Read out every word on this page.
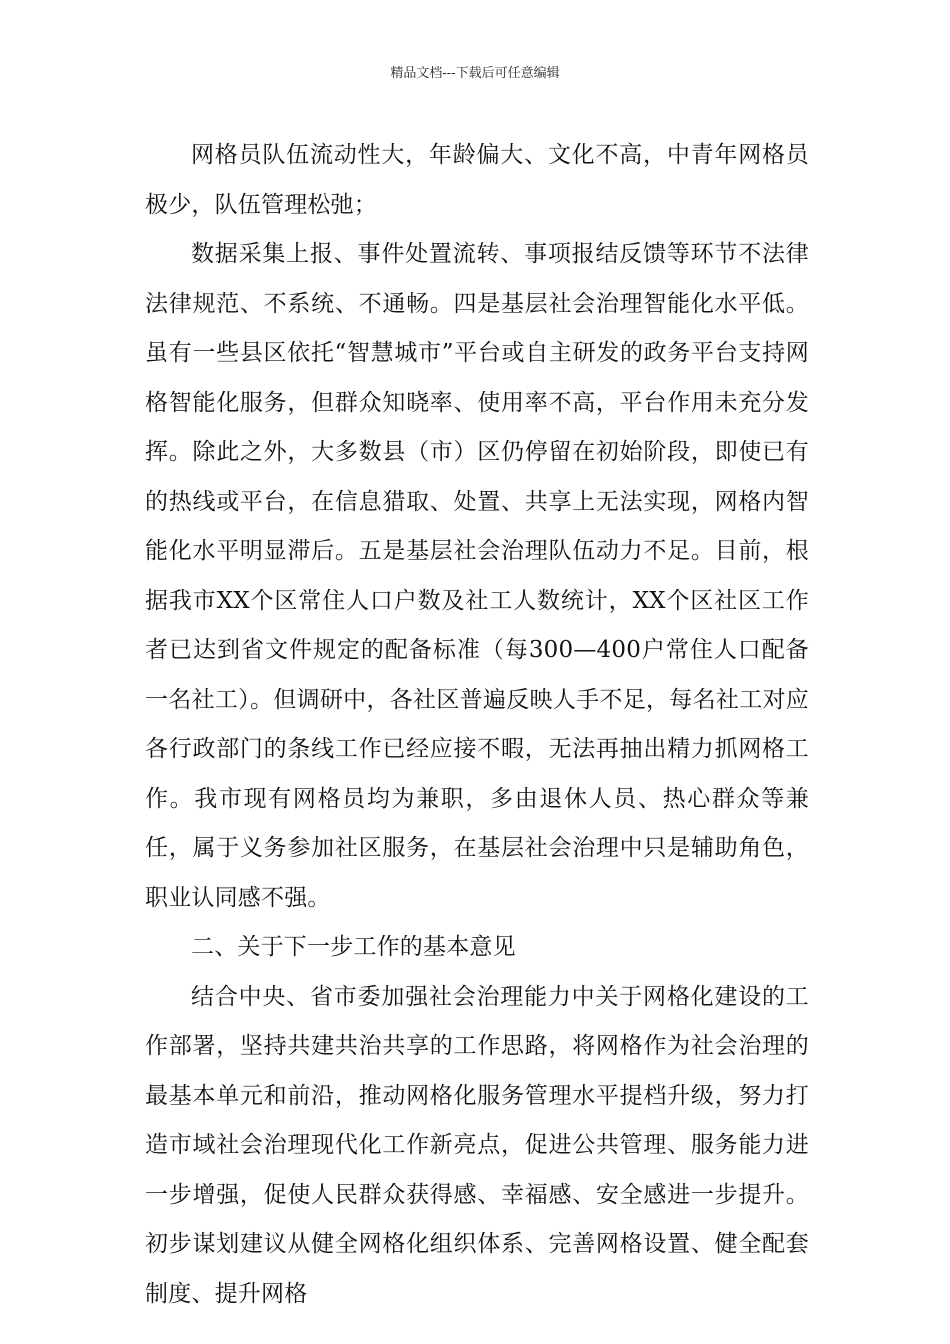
精品文档---下载后可任意编辑

网格员队伍流动性大，年龄偏大、文化不高，中青年网格员极少，队伍管理松弛；

数据采集上报、事件处置流转、事项报结反馈等环节不法律法律规范、不系统、不通畅。四是基层社会治理智能化水平低。虽有一些县区依托“智慧城市”平台或自主研发的政务平台支持网格智能化服务，但群众知晓率、使用率不高，平台作用未充分发挥。除此之外，大多数县（市）区仍停留在初始阶段，即使已有的热线或平台，在信息猎取、处置、共享上无法实现，网格内智能化水平明显滞后。五是基层社会治理队伍动力不足。目前，根据我市XX个区常住人口户数及社工人数统计，XX个区社区工作者已达到省文件规定的配备标准（每300—400户常住人口配备一名社工）。但调研中，各社区普遍反映人手不足，每名社工对应各行政部门的条线工作已经应接不暇，无法再抽出精力抓网格工作。我市现有网格员均为兼职，多由退休人员、热心群众等兼任，属于义务参加社区服务，在基层社会治理中只是辅助角色，职业认同感不强。

二、关于下一步工作的基本意见

结合中央、省市委加强社会治理能力中关于网格化建设的工作部署，坚持共建共治共享的工作思路，将网格作为社会治理的最基本单元和前沿，推动网格化服务管理水平提档升级，努力打造市域社会治理现代化工作新亮点，促进公共管理、服务能力进一步增强，促使人民群众获得感、幸福感、安全感进一步提升。初步谋划建议从健全网格化组织体系、完善网格设置、健全配套制度、提升网格
